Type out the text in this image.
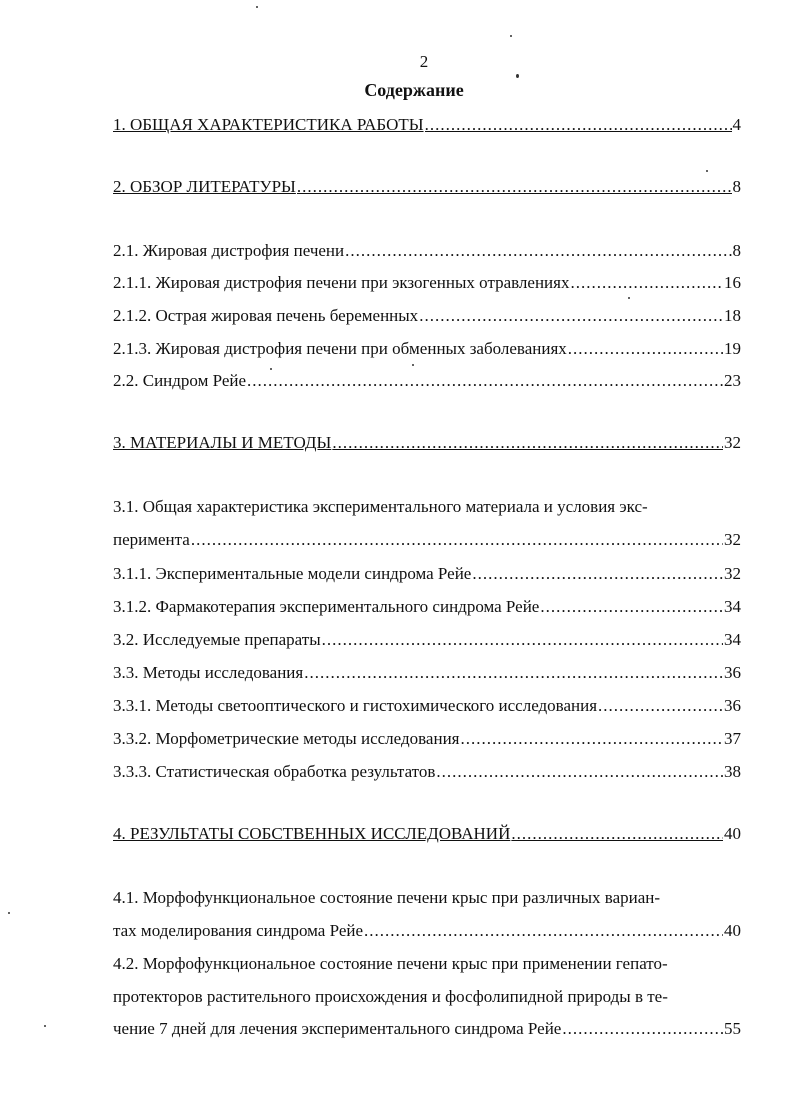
2
Содержание
1. ОБЩАЯ ХАРАКТЕРИСТИКА РАБОТЫ .....	4
2. ОБЗОР ЛИТЕРАТУРЫ .....	8
2.1. Жировая дистрофия печени .....	8
2.1.1. Жировая дистрофия печени при экзогенных отравлениях .....	16
2.1.2. Острая жировая печень беременных .....	18
2.1.3. Жировая дистрофия печени при обменных заболеваниях .....	19
2.2. Синдром Рейе .....	23
3. МАТЕРИАЛЫ И МЕТОДЫ .....	32
3.1. Общая характеристика экспериментального материала и условия экс-
перимента .....	32
3.1.1. Экспериментальные модели синдрома Рейе .....	32
3.1.2. Фармакотерапия экспериментального синдрома Рейе .....	34
3.2. Исследуемые препараты .....	34
3.3. Методы исследования .....	36
3.3.1. Методы светооптического и гистохимического исследования .....	36
3.3.2. Морфометрические методы исследования .....	37
3.3.3. Статистическая обработка результатов .....	38
4. РЕЗУЛЬТАТЫ СОБСТВЕННЫХ ИССЛЕДОВАНИЙ .....	40
4.1. Морфофункциональное состояние печени крыс при различных вариан-
тах моделирования синдрома Рейе .....	40
4.2. Морфофункциональное состояние печени крыс при применении гепато-
протекторов растительного происхождения и фосфолипидной природы в те-
чение 7 дней для лечения экспериментального синдрома Рейе .....	55
